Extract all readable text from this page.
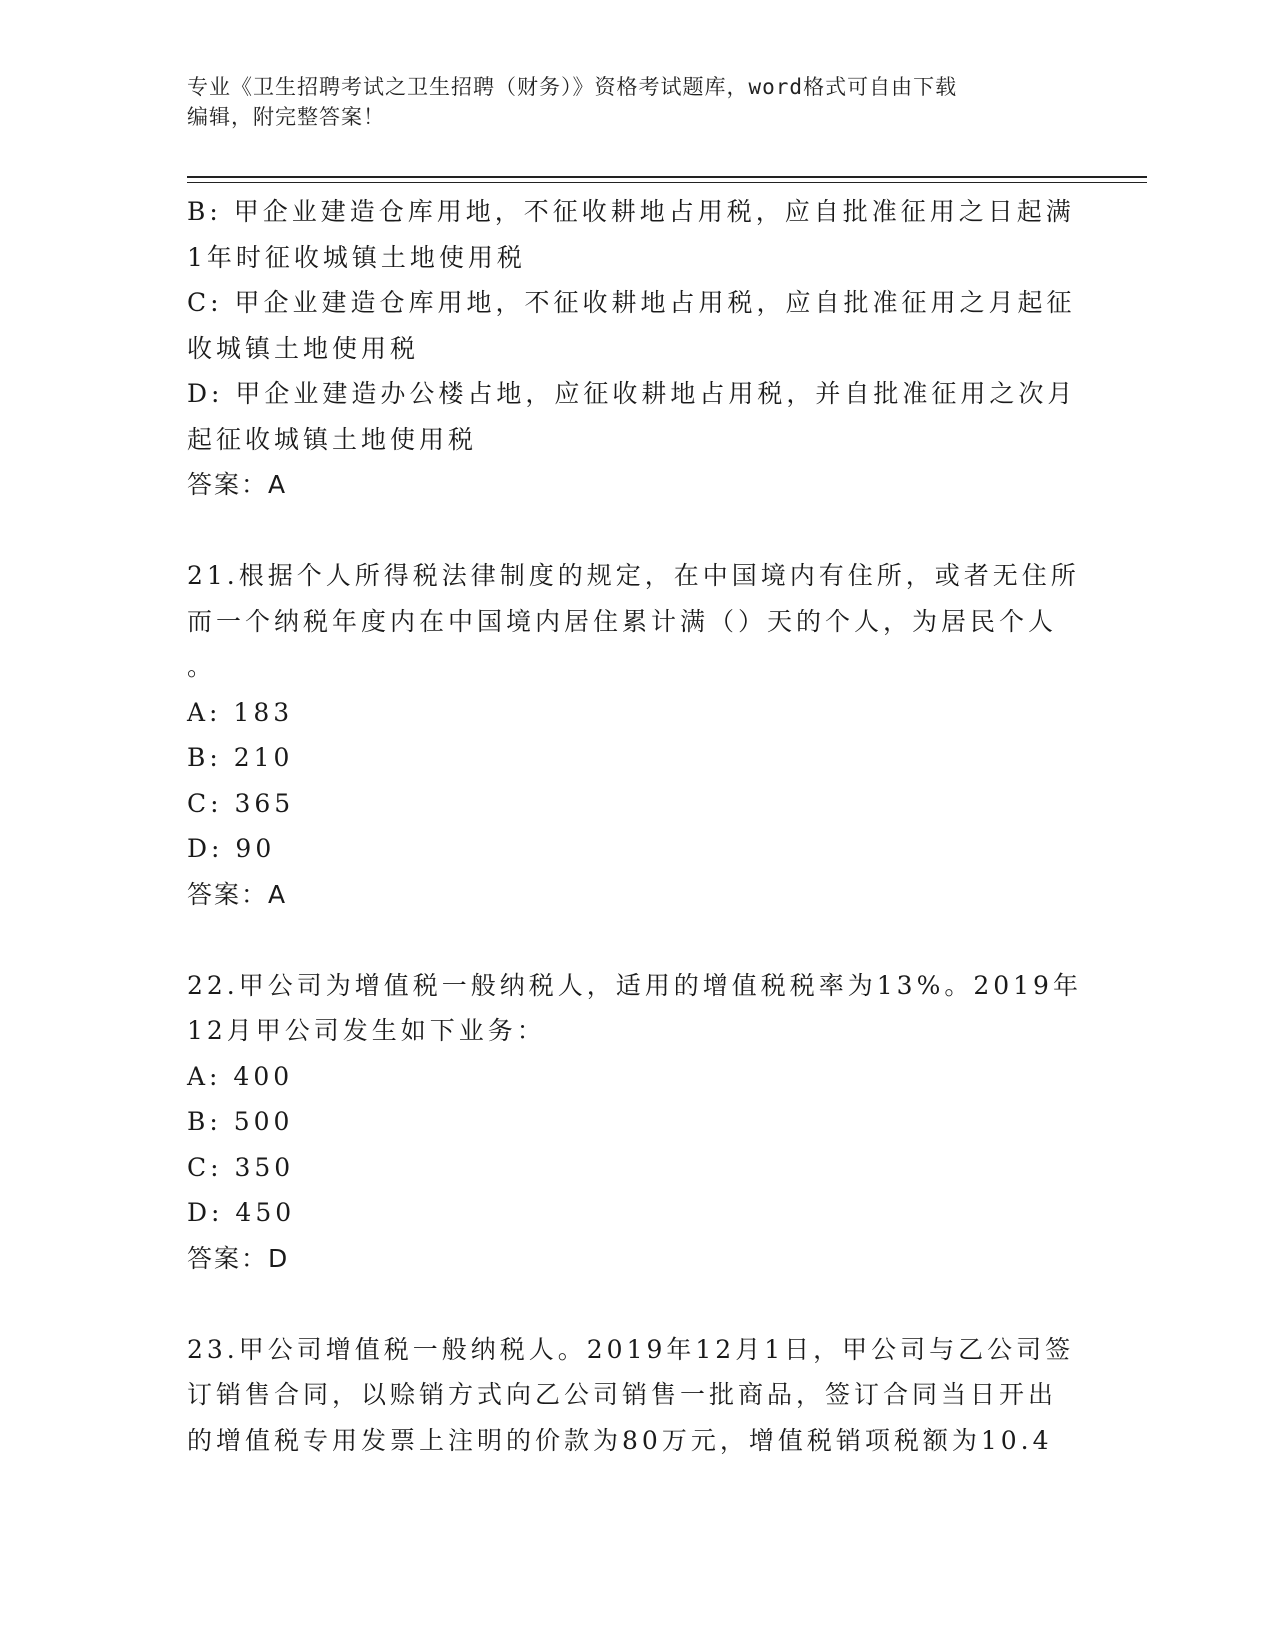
专业《卫生招聘考试之卫生招聘（财务）》资格考试题库，word格式可自由下载
编辑，附完整答案！
B: 甲企业建造仓库用地，不征收耕地占用税，应自批准征用之日起满
1年时征收城镇土地使用税
C: 甲企业建造仓库用地，不征收耕地占用税，应自批准征用之月起征
收城镇土地使用税
D: 甲企业建造办公楼占地，应征收耕地占用税，并自批准征用之次月
起征收城镇土地使用税
答案：A
21.根据个人所得税法律制度的规定，在中国境内有住所，或者无住所
而一个纳税年度内在中国境内居住累计满（）天的个人，为居民个人
。
A: 183
B: 210
C: 365
D: 90
答案：A
22.甲公司为增值税一般纳税人，适用的增值税税率为13%。2019年
12月甲公司发生如下业务：
A: 400
B: 500
C: 350
D: 450
答案：D
23.甲公司增值税一般纳税人。2019年12月1日，甲公司与乙公司签
订销售合同，以赊销方式向乙公司销售一批商品，签订合同当日开出
的增值税专用发票上注明的价款为80万元，增值税销项税额为10.4
